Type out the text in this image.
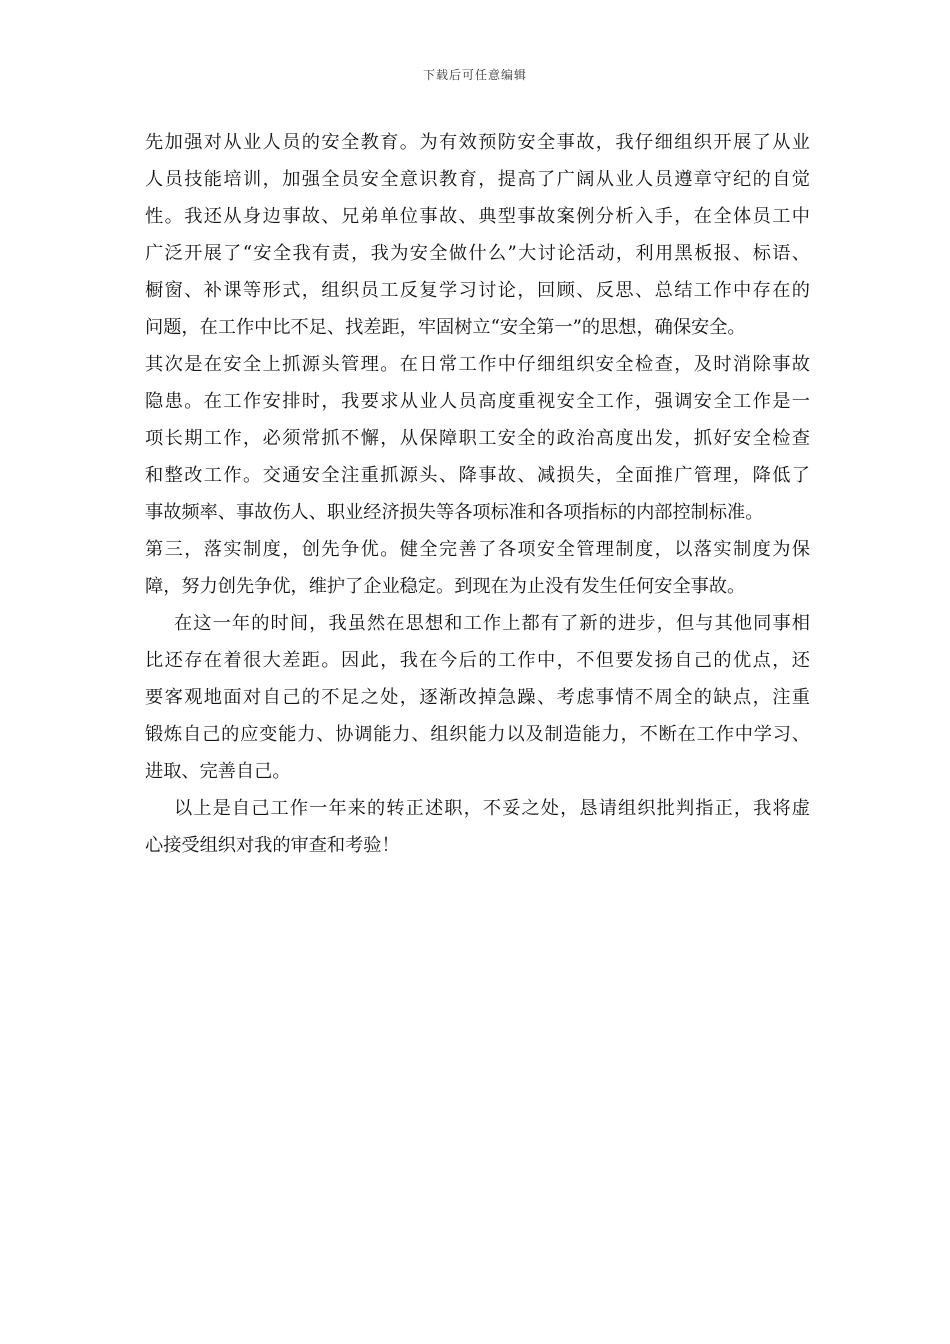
下载后可任意编辑
先加强对从业人员的安全教育。为有效预防安全事故，我仔细组织开展了从业
人员技能培训，加强全员安全意识教育，提高了广阔从业人员遵章守纪的自觉
性。我还从身边事故、兄弟单位事故、典型事故案例分析入手，在全体员工中
广泛开展了“安全我有责，我为安全做什么”大讨论活动，利用黑板报、标语、
橱窗、补课等形式，组织员工反复学习讨论，回顾、反思、总结工作中存在的
问题，在工作中比不足、找差距，牢固树立“安全第一”的思想，确保安全。
其次是在安全上抓源头管理。在日常工作中仔细组织安全检查，及时消除事故
隐患。在工作安排时，我要求从业人员高度重视安全工作，强调安全工作是一
项长期工作，必须常抓不懈，从保障职工安全的政治高度出发，抓好安全检查
和整改工作。交通安全注重抓源头、降事故、减损失，全面推广管理，降低了
事故频率、事故伤人、职业经济损失等各项标准和各项指标的内部控制标准。
第三，落实制度，创先争优。健全完善了各项安全管理制度，以落实制度为保
障，努力创先争优，维护了企业稳定。到现在为止没有发生任何安全事故。
在这一年的时间，我虽然在思想和工作上都有了新的进步，但与其他同事相
比还存在着很大差距。因此，我在今后的工作中，不但要发扬自己的优点，还
要客观地面对自己的不足之处，逐渐改掉急躁、考虑事情不周全的缺点，注重
锻炼自己的应变能力、协调能力、组织能力以及制造能力，不断在工作中学习、
进取、完善自己。
以上是自己工作一年来的转正述职，不妥之处，恳请组织批判指正，我将虚
心接受组织对我的审查和考验！
